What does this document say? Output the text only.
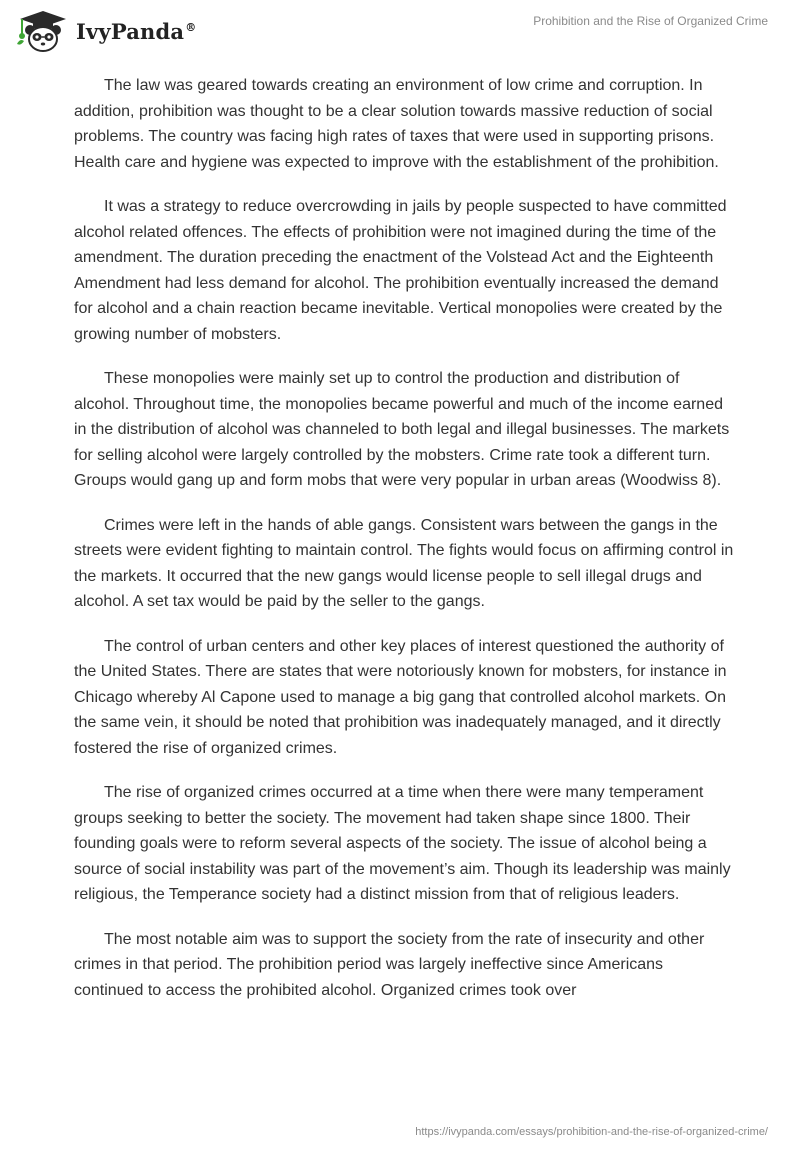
IvyPanda®	Prohibition and the Rise of Organized Crime

The law was geared towards creating an environment of low crime and corruption. In addition, prohibition was thought to be a clear solution towards massive reduction of social problems. The country was facing high rates of taxes that were used in supporting prisons. Health care and hygiene was expected to improve with the establishment of the prohibition.

It was a strategy to reduce overcrowding in jails by people suspected to have committed alcohol related offences. The effects of prohibition were not imagined during the time of the amendment. The duration preceding the enactment of the Volstead Act and the Eighteenth Amendment had less demand for alcohol. The prohibition eventually increased the demand for alcohol and a chain reaction became inevitable. Vertical monopolies were created by the growing number of mobsters.

These monopolies were mainly set up to control the production and distribution of alcohol. Throughout time, the monopolies became powerful and much of the income earned in the distribution of alcohol was channeled to both legal and illegal businesses. The markets for selling alcohol were largely controlled by the mobsters. Crime rate took a different turn. Groups would gang up and form mobs that were very popular in urban areas (Woodwiss 8).

Crimes were left in the hands of able gangs. Consistent wars between the gangs in the streets were evident fighting to maintain control. The fights would focus on affirming control in the markets. It occurred that the new gangs would license people to sell illegal drugs and alcohol. A set tax would be paid by the seller to the gangs.

The control of urban centers and other key places of interest questioned the authority of the United States. There are states that were notoriously known for mobsters, for instance in Chicago whereby Al Capone used to manage a big gang that controlled alcohol markets. On the same vein, it should be noted that prohibition was inadequately managed, and it directly fostered the rise of organized crimes.

The rise of organized crimes occurred at a time when there were many temperament groups seeking to better the society. The movement had taken shape since 1800. Their founding goals were to reform several aspects of the society. The issue of alcohol being a source of social instability was part of the movement’s aim. Though its leadership was mainly religious, the Temperance society had a distinct mission from that of religious leaders.

The most notable aim was to support the society from the rate of insecurity and other crimes in that period. The prohibition period was largely ineffective since Americans continued to access the prohibited alcohol. Organized crimes took over

https://ivypanda.com/essays/prohibition-and-the-rise-of-organized-crime/
